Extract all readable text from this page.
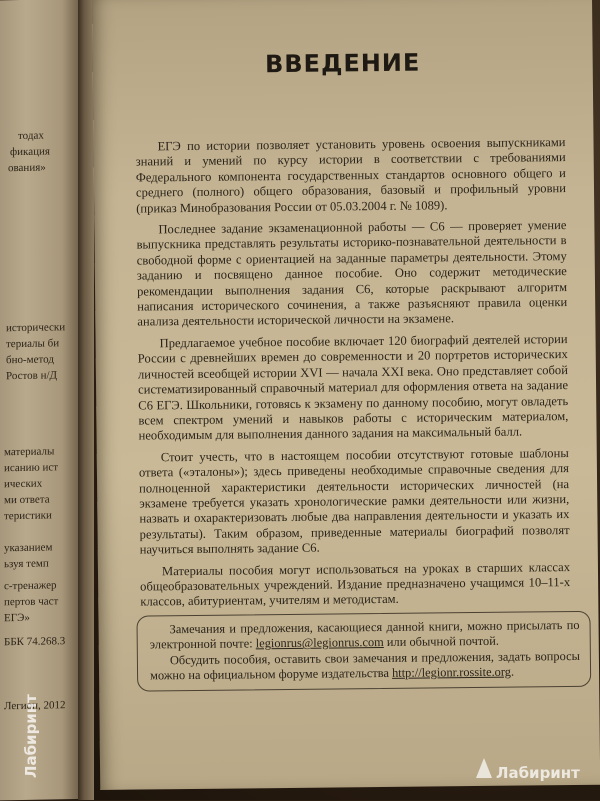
тодах
фикация
ования»
исторически
териалы би
бно-метод
Ростов н/Д
материалы
исанию ист
ических
ми ответа
теристики
указанием
ьзуя темп
с-тренажер
пертов част
ЕГЭ»
ББК 74.268.3
Легион, 2012
ВВЕДЕНИЕ

ЕГЭ по истории позволяет установить уровень освоения выпускниками знаний и умений по курсу истории в соответствии с требованиями Федерального компонента государственных стандартов основного общего и среднего (полного) общего образования, базовый и профильный уровни (приказ Минобразования России от 05.03.2004 г. № 1089).

Последнее задание экзаменационной работы — С6 — проверяет умение выпускника представлять результаты историко-познавательной деятельности в свободной форме с ориентацией на заданные параметры деятельности. Этому заданию и посвящено данное пособие. Оно содержит методические рекомендации выполнения задания С6, которые раскрывают алгоритм написания исторического сочинения, а также разъясняют правила оценки анализа деятельности исторической личности на экзамене.

Предлагаемое учебное пособие включает 120 биографий деятелей истории России с древнейших времен до современности и 20 портретов исторических личностей всеобщей истории XVI — начала XXI века. Оно представляет собой систематизированный справочный материал для оформления ответа на задание С6 ЕГЭ. Школьники, готовясь к экзамену по данному пособию, могут овладеть всем спектром умений и навыков работы с историческим материалом, необходимым для выполнения данного задания на максимальный балл.

Стоит учесть, что в настоящем пособии отсутствуют готовые шаблоны ответа («эталоны»); здесь приведены необходимые справочные сведения для полноценной характеристики деятельности исторических личностей (на экзамене требуется указать хронологические рамки деятельности или жизни, назвать и охарактеризовать любые два направления деятельности и указать их результаты). Таким образом, приведенные материалы биографий позволят научиться выполнять задание С6.

Материалы пособия могут использоваться на уроках в старших классах общеобразовательных учреждений. Издание предназначено учащимся 10–11-х классов, абитуриентам, учителям и методистам.

Замечания и предложения, касающиеся данной книги, можно присылать по электронной почте: legionrus@legionrus.com или обычной почтой.

Обсудить пособия, оставить свои замечания и предложения, задать вопросы можно на официальном форуме издательства http://legionr.rossite.org.

Лабиринт	Лабиринт
